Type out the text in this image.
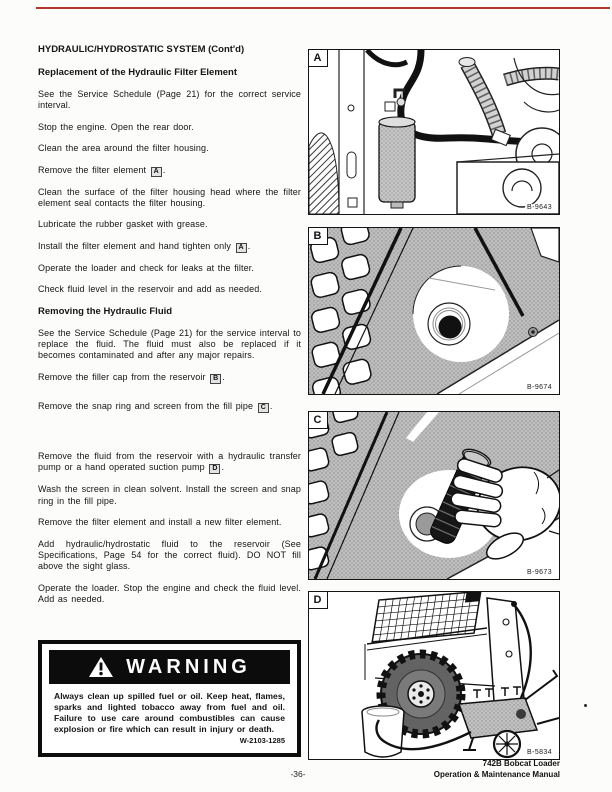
HYDRAULIC/HYDROSTATIC SYSTEM (Cont'd)
Replacement of the Hydraulic Filter Element

See the Service Schedule (Page 21) for the correct service interval.

Stop the engine. Open the rear door.

Clean the area around the filter housing.

Remove the filter element A .

Clean the surface of the filter housing head where the filter element seal contacts the filter housing.

Lubricate the rubber gasket with grease.

Install the filter element and hand tighten only A .

Operate the loader and check for leaks at the filter.

Check fluid level in the reservoir and add as needed.

Removing the Hydraulic Fluid

See the Service Schedule (Page 21) for the service interval to replace the fluid. The fluid must also be replaced if it becomes contaminated and after any major repairs.

Remove the filler cap from the reservoir B .

Remove the snap ring and screen from the fill pipe C .

Remove the fluid from the reservoir with a hydraulic transfer pump or a hand operated suction pump D .

Wash the screen in clean solvent. Install the screen and snap ring in the fill pipe.

Remove the filter element and install a new filter element.

Add hydraulic/hydrostatic fluid to the reservoir (See Specifications, Page 54 for the correct fluid). DO NOT fill above the sight glass.

Operate the loader. Stop the engine and check the fluid level. Add as needed.

WARNING
Always clean up spilled fuel or oil. Keep heat, flames, sparks and lighted tobacco away from fuel and oil. Failure to use care around combustibles can cause explosion or fire which can result in injury or death.
W-2103-1285
A
B-9643
B
B-9674
C
B-9673
D
B-5834
-36-
742B Bobcat Loader
Operation & Maintenance Manual
